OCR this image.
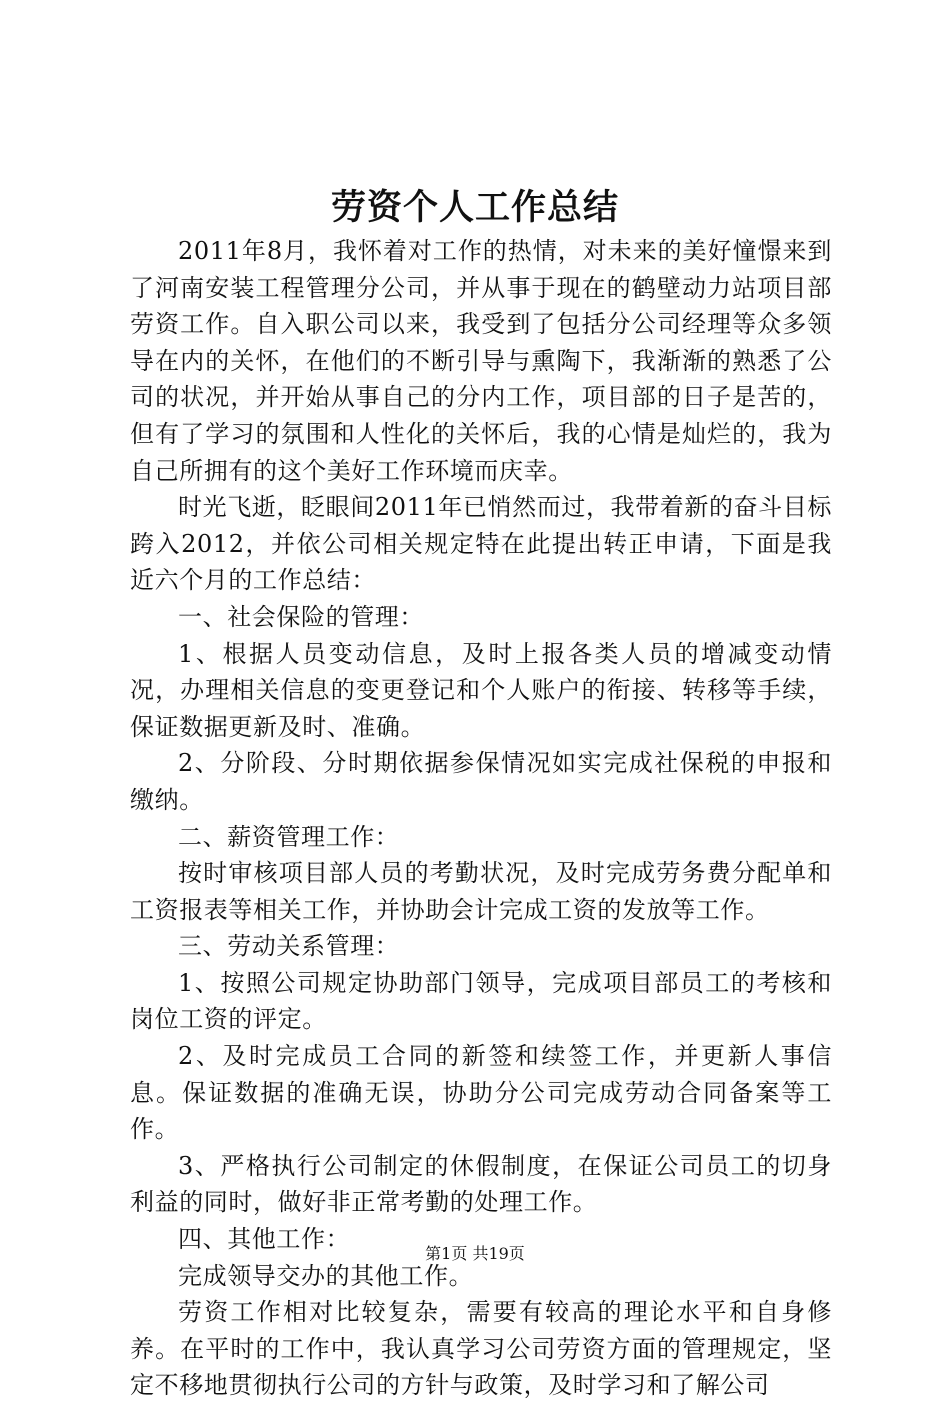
劳资个人工作总结

2011年8月，我怀着对工作的热情，对未来的美好憧憬来到了河南安装工程管理分公司，并从事于现在的鹤壁动力站项目部劳资工作。自入职公司以来，我受到了包括分公司经理等众多领导在内的关怀，在他们的不断引导与熏陶下，我渐渐的熟悉了公司的状况，并开始从事自己的分内工作，项目部的日子是苦的，但有了学习的氛围和人性化的关怀后，我的心情是灿烂的，我为自己所拥有的这个美好工作环境而庆幸。

时光飞逝，眨眼间2011年已悄然而过，我带着新的奋斗目标跨入2012，并依公司相关规定特在此提出转正申请，下面是我近六个月的工作总结：

一、社会保险的管理：

1、根据人员变动信息，及时上报各类人员的增减变动情况，办理相关信息的变更登记和个人账户的衔接、转移等手续，保证数据更新及时、准确。

2、分阶段、分时期依据参保情况如实完成社保税的申报和缴纳。

二、薪资管理工作：

按时审核项目部人员的考勤状况，及时完成劳务费分配单和工资报表等相关工作，并协助会计完成工资的发放等工作。

三、劳动关系管理：

1、按照公司规定协助部门领导，完成项目部员工的考核和岗位工资的评定。

2、及时完成员工合同的新签和续签工作，并更新人事信息。保证数据的准确无误，协助分公司完成劳动合同备案等工作。

3、严格执行公司制定的休假制度，在保证公司员工的切身利益的同时，做好非正常考勤的处理工作。

四、其他工作：

完成领导交办的其他工作。

劳资工作相对比较复杂，需要有较高的理论水平和自身修养。在平时的工作中，我认真学习公司劳资方面的管理规定，坚定不移地贯彻执行公司的方针与政策，及时学习和了解公司

第1页 共19页
